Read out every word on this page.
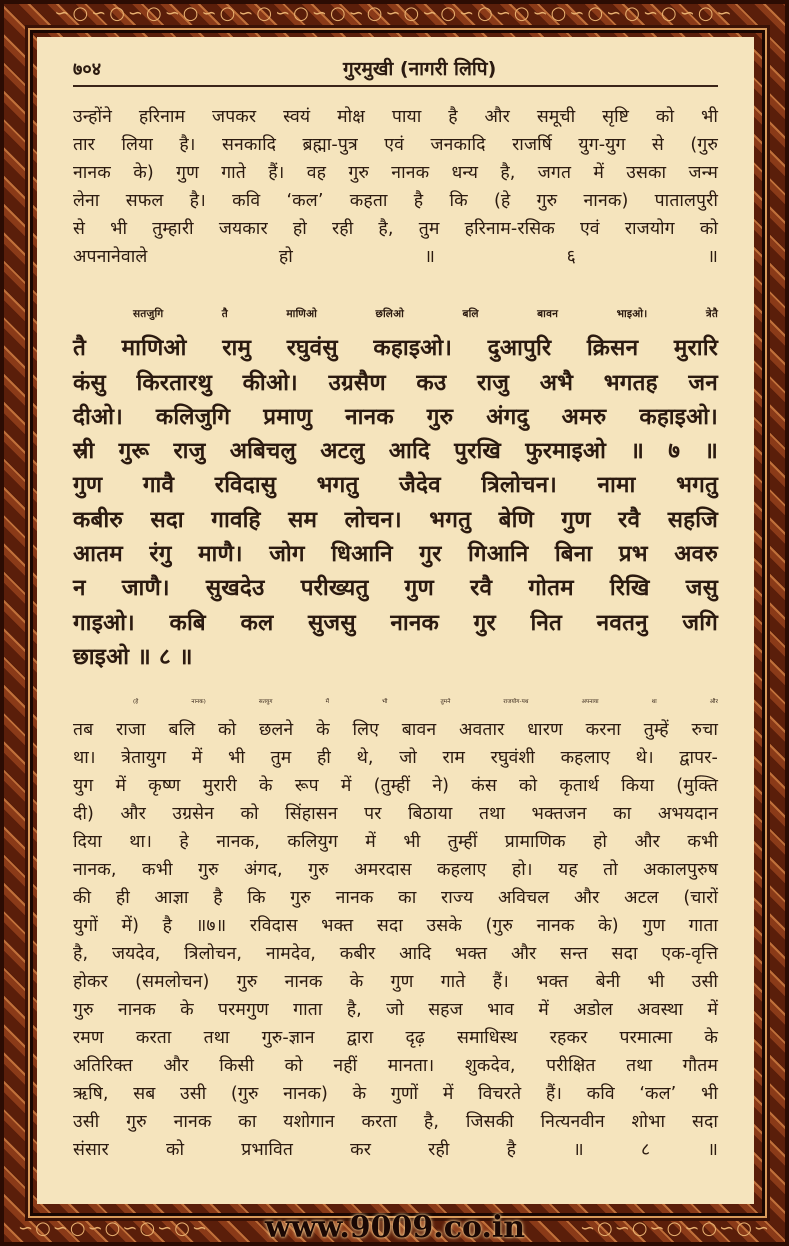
∽○∽○∽○∽○∽○∽○∽○∽○∽○∽○∽○∽○∽○∽○∽○∽○∽○∽○∽
७०४	गुरमुखी (नागरी लिपि)
उन्होंने हरिनाम जपकर स्वयं मोक्ष पाया है और समूची सृष्टि को भी
तार लिया है। सनकादि ब्रह्मा-पुत्र एवं जनकादि राजर्षि युग-युग से (गुरु
नानक के) गुण गाते हैं। वह गुरु नानक धन्य है, जगत में उसका जन्म
लेना सफल है। कवि ‘कल’ कहता है कि (हे गुरु नानक) पातालपुरी
से भी तुम्हारी जयकार हो रही है, तुम हरिनाम-रसिक एवं राजयोग को
अपनानेवाले हो ॥ ६ ॥
सतजुगि तै माणिओ छलिओ बलि बावन भाइओ। त्रेतै
तै माणिओ रामु रघुवंसु कहाइओ। दुआपुरि क्रिसन मुरारि
कंसु किरतारथु कीओ। उग्रसैण कउ राजु अभै भगतह जन
दीओ। कलिजुगि प्रमाणु नानक गुरु अंगदु अमरु कहाइओ।
स्री गुरू राजु अबिचलु अटलु आदि पुरखि फुरमाइओ ॥ ७ ॥
गुण गावै रविदासु भगतु जैदेव त्रिलोचन। नामा भगतु
कबीरु सदा गावहि सम लोचन। भगतु बेणि गुण रवै सहजि
आतम रंगु माणै। जोग धिआनि गुर गिआनि बिना प्रभ अवरु
न जाणै। सुखदेउ परीख्यतु गुण रवै गोतम रिखि जसु
गाइओ। कबि कल सुजसु नानक गुर नित नवतनु जगि
छाइओ ॥ ८ ॥
(हे नानक) सतयुग में भी तुमने राजयोग-पथ अपनाया था और
तब राजा बलि को छलने के लिए बावन अवतार धारण करना तुम्हें रुचा
था। त्रेतायुग में भी तुम ही थे, जो राम रघुवंशी कहलाए थे। द्वापर-
युग में कृष्ण मुरारी के रूप में (तुम्हीं ने) कंस को कृतार्थ किया (मुक्ति
दी) और उग्रसेन को सिंहासन पर बिठाया तथा भक्तजन का अभयदान
दिया था। हे नानक, कलियुग में भी तुम्हीं प्रामाणिक हो और कभी
नानक, कभी गुरु अंगद, गुरु अमरदास कहलाए हो। यह तो अकालपुरुष
की ही आज्ञा है कि गुरु नानक का राज्य अविचल और अटल (चारों
युगों में) है ॥७॥ रविदास भक्त सदा उसके (गुरु नानक के) गुण गाता
है, जयदेव, त्रिलोचन, नामदेव, कबीर आदि भक्त और सन्त सदा एक-वृत्ति
होकर (समलोचन) गुरु नानक के गुण गाते हैं। भक्त बेनी भी उसी
गुरु नानक के परमगुण गाता है, जो सहज भाव में अडोल अवस्था में
रमण करता तथा गुरु-ज्ञान द्वारा दृढ़ समाधिस्थ रहकर परमात्मा के
अतिरिक्त और किसी को नहीं मानता। शुकदेव, परीक्षित तथा गौतम
ऋषि, सब उसी (गुरु नानक) के गुणों में विचरते हैं। कवि ‘कल’ भी
उसी गुरु नानक का यशोगान करता है, जिसकी नित्यनवीन शोभा सदा
संसार को प्रभावित कर रही है ॥ ८ ॥
∽○∽○∽○∽○∽○∽	www.9009.co.in	∽○∽○∽○∽○∽○∽
